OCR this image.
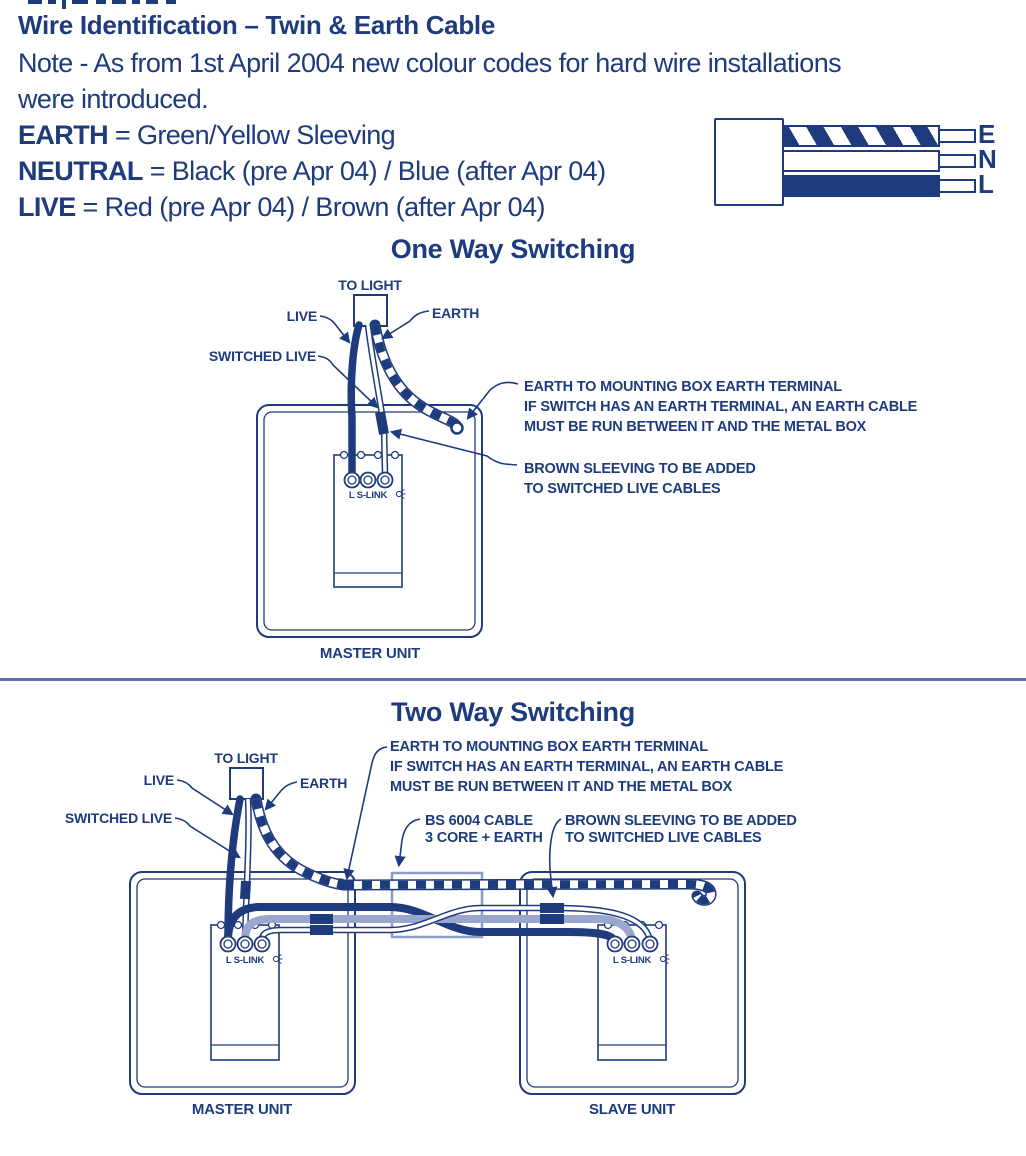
Wire Identification – Twin & Earth Cable
Note - As from 1st April 2004 new colour codes for hard wire installations
were introduced.
EARTH = Green/Yellow Sleeving
NEUTRAL = Black (pre Apr 04) / Blue (after Apr 04)
LIVE = Red (pre Apr 04) / Brown (after Apr 04)
E
N
L
One Way Switching
L S-LINK
TO LIGHT
LIVE	EARTH
SWITCHED LIVE
EARTH TO MOUNTING BOX EARTH TERMINAL
IF SWITCH HAS AN EARTH TERMINAL, AN EARTH CABLE
MUST BE RUN BETWEEN IT AND THE METAL BOX
BROWN SLEEVING TO BE ADDED
TO SWITCHED LIVE CABLES
MASTER UNIT
Two Way Switching
L S-LINK	L S-LINK
TO LIGHT
LIVE	EARTH
SWITCHED LIVE
EARTH TO MOUNTING BOX EARTH TERMINAL
IF SWITCH HAS AN EARTH TERMINAL, AN EARTH CABLE
MUST BE RUN BETWEEN IT AND THE METAL BOX
BS 6004 CABLE
3 CORE + EARTH
BROWN SLEEVING TO BE ADDED
TO SWITCHED LIVE CABLES
MASTER UNIT	SLAVE UNIT
